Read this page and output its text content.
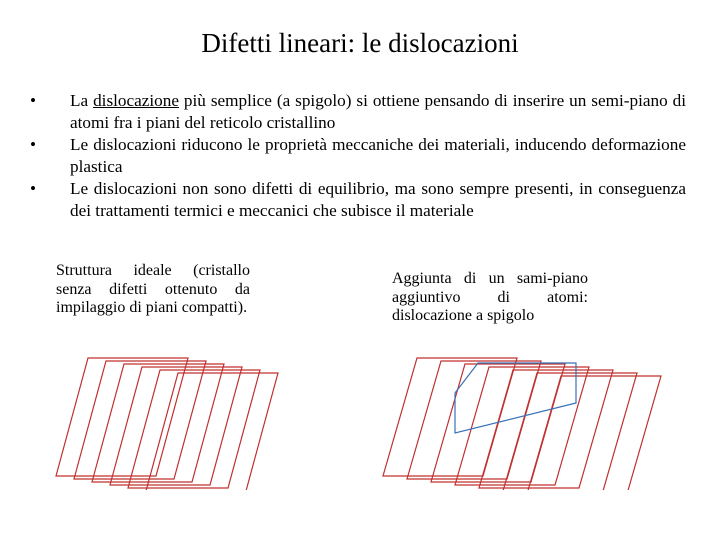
Difetti lineari: le dislocazioni
• La dislocazione più semplice (a spigolo) si ottiene pensando di inserire un semi-piano di atomi fra i piani del reticolo cristallino
• Le dislocazioni riducono le proprietà meccaniche dei materiali, inducendo deformazione plastica
• Le dislocazioni non sono difetti di equilibrio, ma sono sempre presenti, in conseguenza dei trattamenti termici e meccanici che subisce il materiale
Struttura ideale (cristallo senza difetti ottenuto da impilaggio di piani compatti).
Aggiunta di un sami-piano aggiuntivo di atomi: dislocazione a spigolo
